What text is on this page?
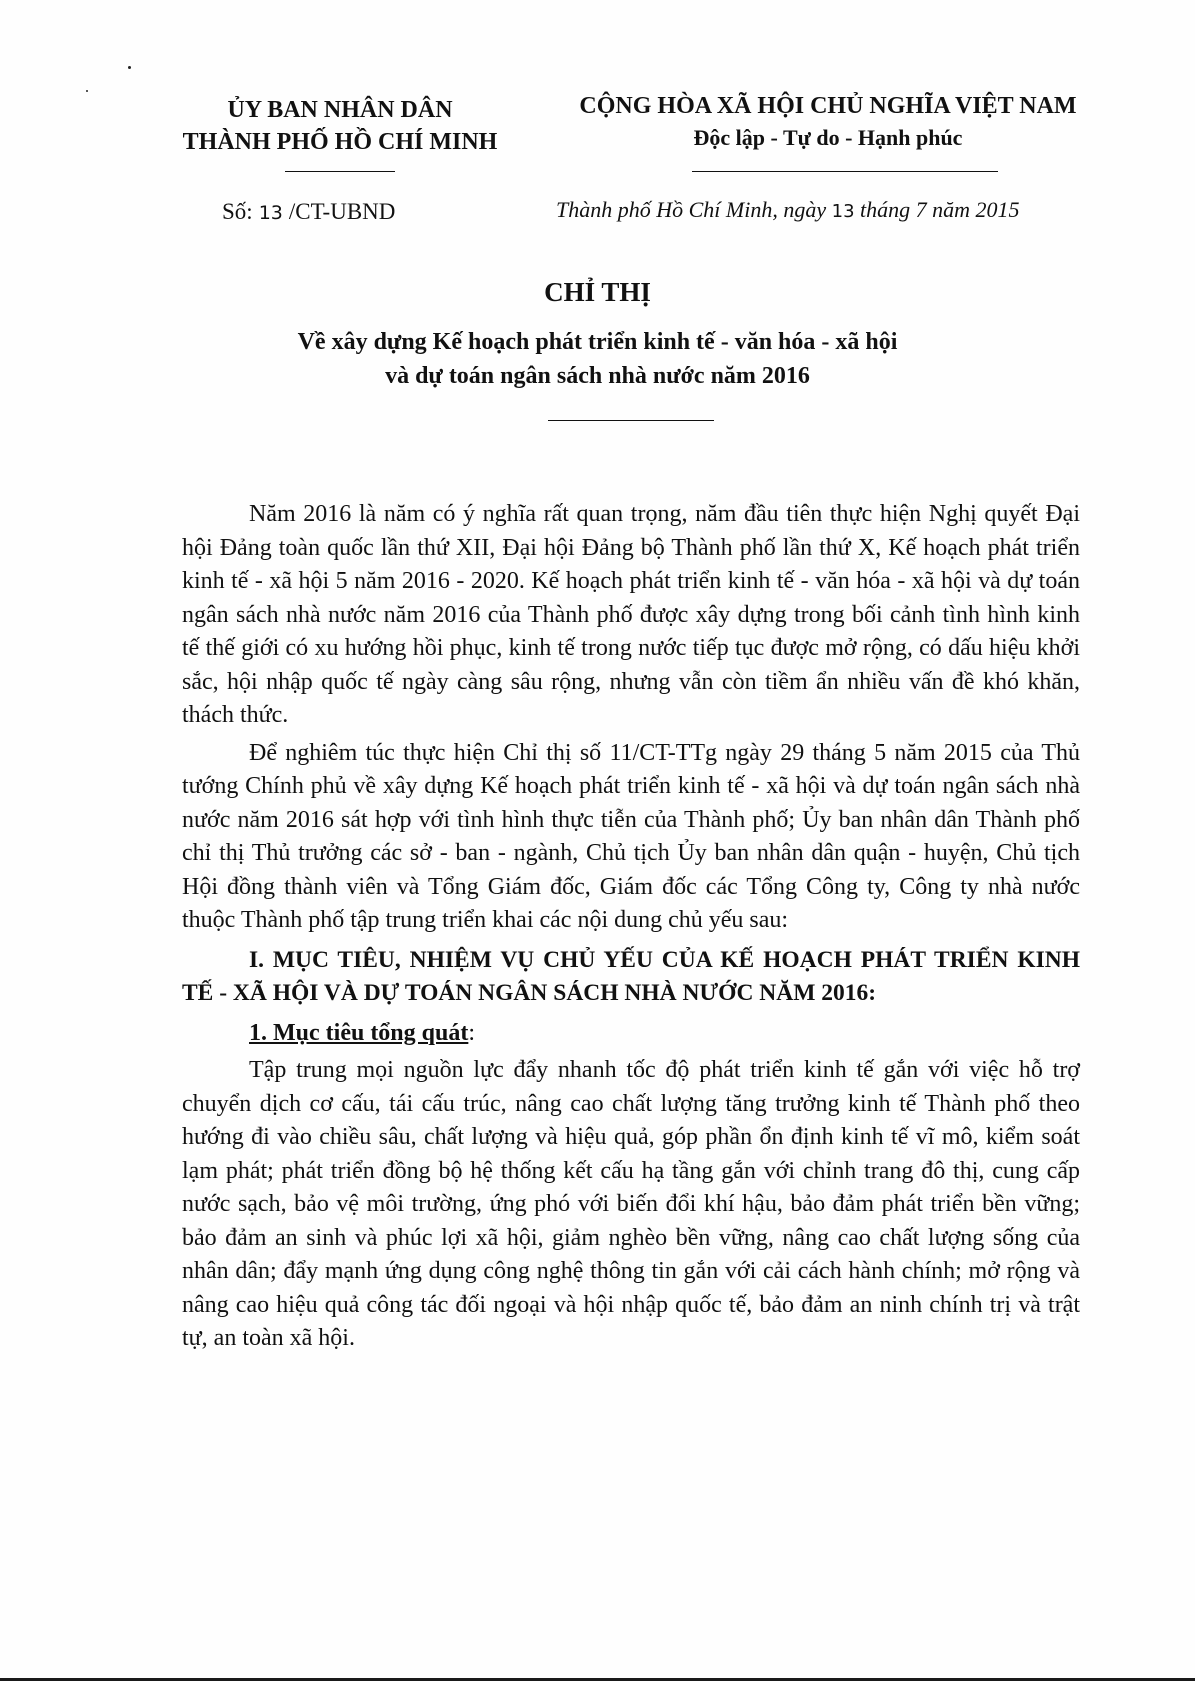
ỦY BAN NHÂN DÂN
THÀNH PHỐ HỒ CHÍ MINH
CỘNG HÒA XÃ HỘI CHỦ NGHĨA VIỆT NAM
Độc lập - Tự do - Hạnh phúc
Số: 13 /CT-UBND	Thành phố Hồ Chí Minh, ngày 13 tháng 7 năm 2015
CHỈ THỊ
Về xây dựng Kế hoạch phát triển kinh tế - văn hóa - xã hội
và dự toán ngân sách nhà nước năm 2016

Năm 2016 là năm có ý nghĩa rất quan trọng, năm đầu tiên thực hiện Nghị quyết Đại hội Đảng toàn quốc lần thứ XII, Đại hội Đảng bộ Thành phố lần thứ X, Kế hoạch phát triển kinh tế - xã hội 5 năm 2016 - 2020. Kế hoạch phát triển kinh tế - văn hóa - xã hội và dự toán ngân sách nhà nước năm 2016 của Thành phố được xây dựng trong bối cảnh tình hình kinh tế thế giới có xu hướng hồi phục, kinh tế trong nước tiếp tục được mở rộng, có dấu hiệu khởi sắc, hội nhập quốc tế ngày càng sâu rộng, nhưng vẫn còn tiềm ẩn nhiều vấn đề khó khăn, thách thức.

Để nghiêm túc thực hiện Chỉ thị số 11/CT-TTg ngày 29 tháng 5 năm 2015 của Thủ tướng Chính phủ về xây dựng Kế hoạch phát triển kinh tế - xã hội và dự toán ngân sách nhà nước năm 2016 sát hợp với tình hình thực tiễn của Thành phố; Ủy ban nhân dân Thành phố chỉ thị Thủ trưởng các sở - ban - ngành, Chủ tịch Ủy ban nhân dân quận - huyện, Chủ tịch Hội đồng thành viên và Tổng Giám đốc, Giám đốc các Tổng Công ty, Công ty nhà nước thuộc Thành phố tập trung triển khai các nội dung chủ yếu sau:

I. MỤC TIÊU, NHIỆM VỤ CHỦ YẾU CỦA KẾ HOẠCH PHÁT TRIỂN KINH TẾ - XÃ HỘI VÀ DỰ TOÁN NGÂN SÁCH NHÀ NƯỚC NĂM 2016:
1. Mục tiêu tổng quát:

Tập trung mọi nguồn lực đẩy nhanh tốc độ phát triển kinh tế gắn với việc hỗ trợ chuyển dịch cơ cấu, tái cấu trúc, nâng cao chất lượng tăng trưởng kinh tế Thành phố theo hướng đi vào chiều sâu, chất lượng và hiệu quả, góp phần ổn định kinh tế vĩ mô, kiểm soát lạm phát; phát triển đồng bộ hệ thống kết cấu hạ tầng gắn với chỉnh trang đô thị, cung cấp nước sạch, bảo vệ môi trường, ứng phó với biến đổi khí hậu, bảo đảm phát triển bền vững; bảo đảm an sinh và phúc lợi xã hội, giảm nghèo bền vững, nâng cao chất lượng sống của nhân dân; đẩy mạnh ứng dụng công nghệ thông tin gắn với cải cách hành chính; mở rộng và nâng cao hiệu quả công tác đối ngoại và hội nhập quốc tế, bảo đảm an ninh chính trị và trật tự, an toàn xã hội.
